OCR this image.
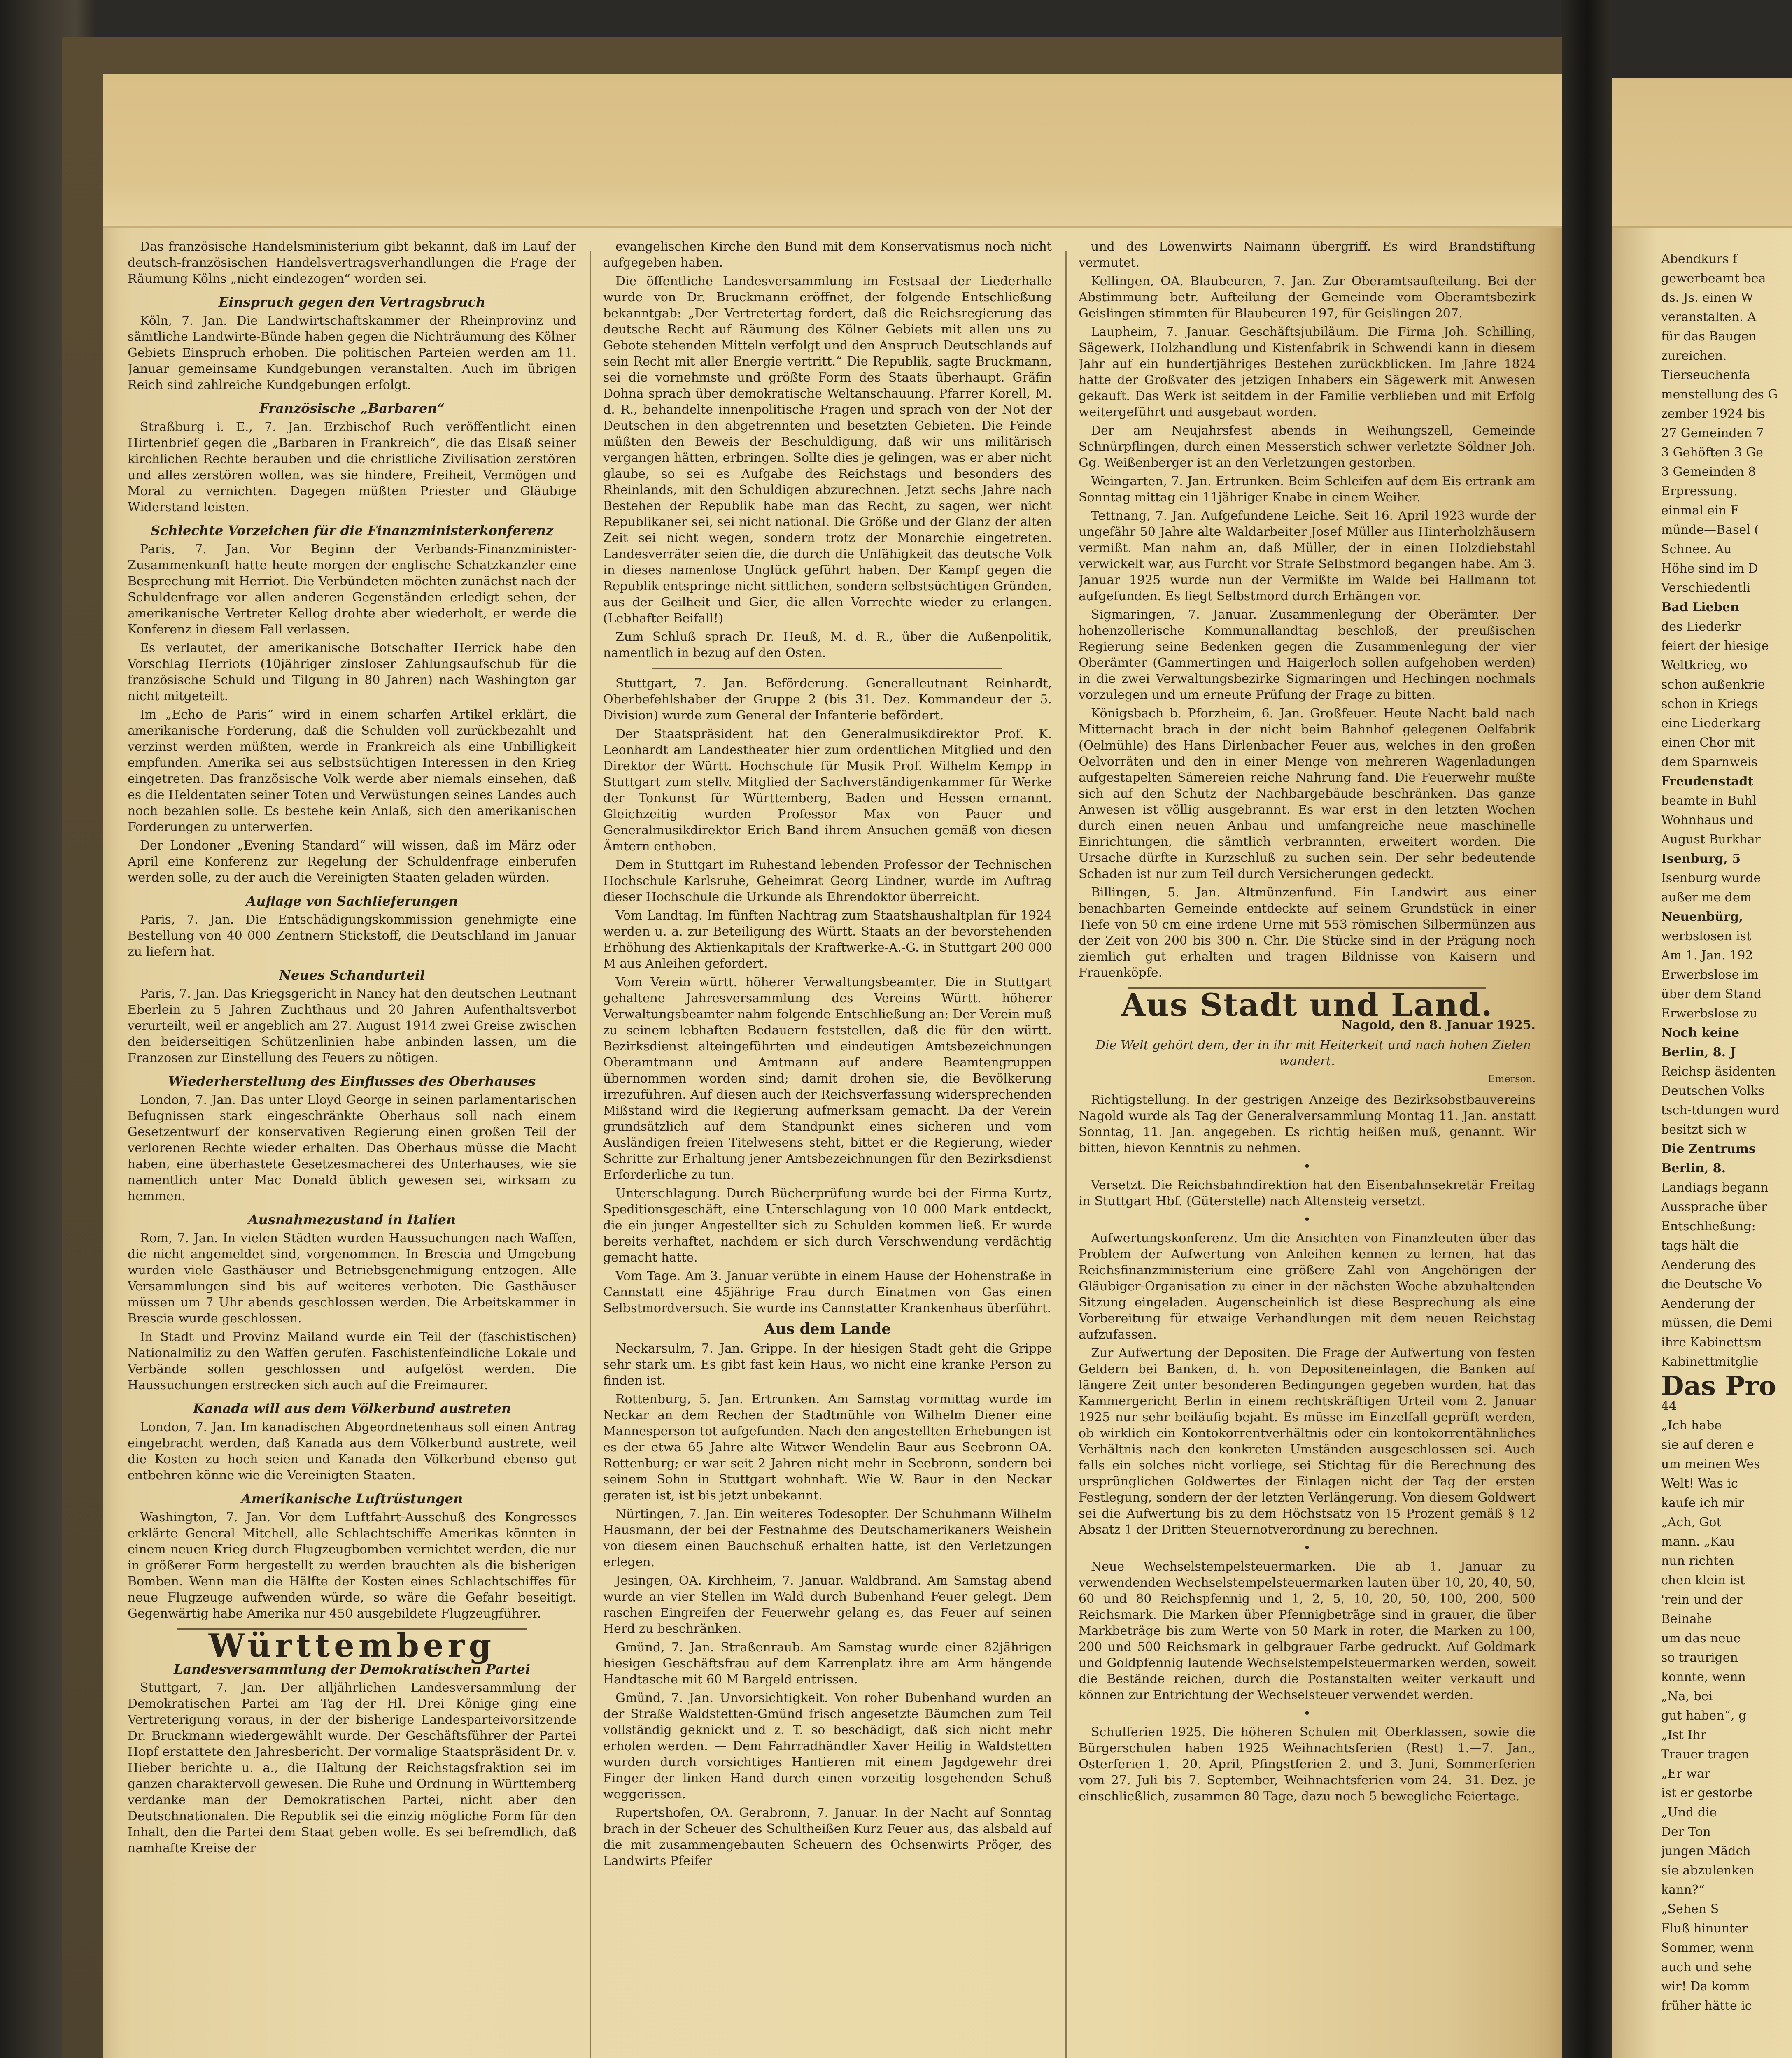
Das französische Handelsministerium gibt bekannt, daß im Lauf der deutsch-französischen Handelsvertragsverhandlungen die Frage der Räumung Kölns „nicht eindezogen“ worden sei.

Einspruch gegen den Vertragsbruch

Köln, 7. Jan. Die Landwirtschaftskammer der Rheinprovinz und sämtliche Landwirte-Bünde haben gegen die Nichträumung des Kölner Gebiets Einspruch erhoben. Die politischen Parteien werden am 11. Januar gemeinsame Kundgebungen veranstalten. Auch im übrigen Reich sind zahlreiche Kundgebungen erfolgt.

Französische „Barbaren“

Straßburg i. E., 7. Jan. Erzbischof Ruch veröffentlicht einen Hirtenbrief gegen die „Barbaren in Frankreich“, die das Elsaß seiner kirchlichen Rechte berauben und die christliche Zivilisation zerstören und alles zerstören wollen, was sie hindere, Freiheit, Vermögen und Moral zu vernichten. Dagegen müßten Priester und Gläubige Widerstand leisten.

Schlechte Vorzeichen für die Finanzministerkonferenz

Paris, 7. Jan. Vor Beginn der Verbands-Finanzminister-Zusammenkunft hatte heute morgen der englische Schatzkanzler eine Besprechung mit Herriot. Die Verbündeten möchten zunächst nach der Schuldenfrage vor allen anderen Gegenständen erledigt sehen, der amerikanische Vertreter Kellog drohte aber wiederholt, er werde die Konferenz in diesem Fall verlassen.

Es verlautet, der amerikanische Botschafter Herrick habe den Vorschlag Herriots (10jähriger zinsloser Zahlungsaufschub für die französische Schuld und Tilgung in 80 Jahren) nach Washington gar nicht mitgeteilt.

Im „Echo de Paris“ wird in einem scharfen Artikel erklärt, die amerikanische Forderung, daß die Schulden voll zurückbezahlt und verzinst werden müßten, werde in Frankreich als eine Unbilligkeit empfunden. Amerika sei aus selbstsüchtigen Interessen in den Krieg eingetreten. Das französische Volk werde aber niemals einsehen, daß es die Heldentaten seiner Toten und Verwüstungen seines Landes auch noch bezahlen solle. Es bestehe kein Anlaß, sich den amerikanischen Forderungen zu unterwerfen.

Der Londoner „Evening Standard“ will wissen, daß im März oder April eine Konferenz zur Regelung der Schuldenfrage einberufen werden solle, zu der auch die Vereinigten Staaten geladen würden.

Auflage von Sachlieferungen

Paris, 7. Jan. Die Entschädigungskommission genehmigte eine Bestellung von 40 000 Zentnern Stickstoff, die Deutschland im Januar zu liefern hat.

Neues Schandurteil

Paris, 7. Jan. Das Kriegsgericht in Nancy hat den deutschen Leutnant Eberlein zu 5 Jahren Zuchthaus und 20 Jahren Aufenthaltsverbot verurteilt, weil er angeblich am 27. August 1914 zwei Greise zwischen den beiderseitigen Schützenlinien habe anbinden lassen, um die Franzosen zur Einstellung des Feuers zu nötigen.

Wiederherstellung des Einflusses des Oberhauses

London, 7. Jan. Das unter Lloyd George in seinen parlamentarischen Befugnissen stark eingeschränkte Oberhaus soll nach einem Gesetzentwurf der konservativen Regierung einen großen Teil der verlorenen Rechte wieder erhalten. Das Oberhaus müsse die Macht haben, eine überhastete Gesetzesmacherei des Unterhauses, wie sie namentlich unter Mac Donald üblich gewesen sei, wirksam zu hemmen.

Ausnahmezustand in Italien

Rom, 7. Jan. In vielen Städten wurden Haussuchungen nach Waffen, die nicht angemeldet sind, vorgenommen. In Brescia und Umgebung wurden viele Gasthäuser und Betriebsgenehmigung entzogen. Alle Versammlungen sind bis auf weiteres verboten. Die Gasthäuser müssen um 7 Uhr abends geschlossen werden. Die Arbeitskammer in Brescia wurde geschlossen.

In Stadt und Provinz Mailand wurde ein Teil der (faschistischen) Nationalmiliz zu den Waffen gerufen. Faschistenfeindliche Lokale und Verbände sollen geschlossen und aufgelöst werden. Die Haussuchungen erstrecken sich auch auf die Freimaurer.

Kanada will aus dem Völkerbund austreten

London, 7. Jan. Im kanadischen Abgeordnetenhaus soll einen Antrag eingebracht werden, daß Kanada aus dem Völkerbund austrete, weil die Kosten zu hoch seien und Kanada den Völkerbund ebenso gut entbehren könne wie die Vereinigten Staaten.

Amerikanische Luftrüstungen

Washington, 7. Jan. Vor dem Luftfahrt-Ausschuß des Kongresses erklärte General Mitchell, alle Schlachtschiffe Amerikas könnten in einem neuen Krieg durch Flugzeugbomben vernichtet werden, die nur in größerer Form hergestellt zu werden brauchten als die bisherigen Bomben. Wenn man die Hälfte der Kosten eines Schlachtschiffes für neue Flugzeuge aufwenden würde, so wäre die Gefahr beseitigt. Gegenwärtig habe Amerika nur 450 ausgebildete Flugzeugführer.

Württemberg
Landesversammlung der Demokratischen Partei

Stuttgart, 7. Jan. Der alljährlichen Landesversammlung der Demokratischen Partei am Tag der Hl. Drei Könige ging eine Vertreterigung voraus, in der der bisherige Landesparteivorsitzende Dr. Bruckmann wiedergewählt wurde. Der Geschäftsführer der Partei Hopf erstattete den Jahresbericht. Der vormalige Staatspräsident Dr. v. Hieber berichte u. a., die Haltung der Reichstagsfraktion sei im ganzen charaktervoll gewesen. Die Ruhe und Ordnung in Württemberg verdanke man der Demokratischen Partei, nicht aber den Deutschnationalen. Die Republik sei die einzig mögliche Form für den Inhalt, den die Partei dem Staat geben wolle. Es sei befremdlich, daß namhafte Kreise der

evangelischen Kirche den Bund mit dem Konservatismus noch nicht aufgegeben haben.

Die öffentliche Landesversammlung im Festsaal der Liederhalle wurde von Dr. Bruckmann eröffnet, der folgende Entschließung bekanntgab: „Der Vertretertag fordert, daß die Reichsregierung das deutsche Recht auf Räumung des Kölner Gebiets mit allen uns zu Gebote stehenden Mitteln verfolgt und den Anspruch Deutschlands auf sein Recht mit aller Energie vertritt.“ Die Republik, sagte Bruckmann, sei die vornehmste und größte Form des Staats überhaupt. Gräfin Dohna sprach über demokratische Weltanschauung. Pfarrer Korell, M. d. R., behandelte innenpolitische Fragen und sprach von der Not der Deutschen in den abgetrennten und besetzten Gebieten. Die Feinde müßten den Beweis der Beschuldigung, daß wir uns militärisch vergangen hätten, erbringen. Sollte dies je gelingen, was er aber nicht glaube, so sei es Aufgabe des Reichstags und besonders des Rheinlands, mit den Schuldigen abzurechnen. Jetzt sechs Jahre nach Bestehen der Republik habe man das Recht, zu sagen, wer nicht Republikaner sei, sei nicht national. Die Größe und der Glanz der alten Zeit sei nicht wegen, sondern trotz der Monarchie eingetreten. Landesverräter seien die, die durch die Unfähigkeit das deutsche Volk in dieses namenlose Unglück geführt haben. Der Kampf gegen die Republik entspringe nicht sittlichen, sondern selbstsüchtigen Gründen, aus der Geilheit und Gier, die allen Vorrechte wieder zu erlangen. (Lebhafter Beifall!)

Zum Schluß sprach Dr. Heuß, M. d. R., über die Außenpolitik, namentlich in bezug auf den Osten.

Stuttgart, 7. Jan. Beförderung. Generalleutnant Reinhardt, Oberbefehlshaber der Gruppe 2 (bis 31. Dez. Kommandeur der 5. Division) wurde zum General der Infanterie befördert.

Der Staatspräsident hat den Generalmusikdirektor Prof. K. Leonhardt am Landestheater hier zum ordentlichen Mitglied und den Direktor der Württ. Hochschule für Musik Prof. Wilhelm Kempp in Stuttgart zum stellv. Mitglied der Sachverständigenkammer für Werke der Tonkunst für Württemberg, Baden und Hessen ernannt. Gleichzeitig wurden Professor Max von Pauer und Generalmusikdirektor Erich Band ihrem Ansuchen gemäß von diesen Ämtern enthoben.

Dem in Stuttgart im Ruhestand lebenden Professor der Technischen Hochschule Karlsruhe, Geheimrat Georg Lindner, wurde im Auftrag dieser Hochschule die Urkunde als Ehrendoktor überreicht.

Vom Landtag. Im fünften Nachtrag zum Staatshaushaltplan für 1924 werden u. a. zur Beteiligung des Württ. Staats an der bevorstehenden Erhöhung des Aktienkapitals der Kraftwerke-A.-G. in Stuttgart 200 000 M aus Anleihen gefordert.

Vom Verein württ. höherer Verwaltungsbeamter. Die in Stuttgart gehaltene Jahresversammlung des Vereins Württ. höherer Verwaltungsbeamter nahm folgende Entschließung an: Der Verein muß zu seinem lebhaften Bedauern feststellen, daß die für den württ. Bezirksdienst alteingeführten und eindeutigen Amtsbezeichnungen Oberamtmann und Amtmann auf andere Beamtengruppen übernommen worden sind; damit drohen sie, die Bevölkerung irrezuführen. Auf diesen auch der Reichsverfassung widersprechenden Mißstand wird die Regierung aufmerksam gemacht. Da der Verein grundsätzlich auf dem Standpunkt eines sicheren und vom Ausländigen freien Titelwesens steht, bittet er die Regierung, wieder Schritte zur Erhaltung jener Amtsbezeichnungen für den Bezirksdienst Erforderliche zu tun.

Unterschlagung. Durch Bücherprüfung wurde bei der Firma Kurtz, Speditionsgeschäft, eine Unterschlagung von 10 000 Mark entdeckt, die ein junger Angestellter sich zu Schulden kommen ließ. Er wurde bereits verhaftet, nachdem er sich durch Verschwendung verdächtig gemacht hatte.

Vom Tage. Am 3. Januar verübte in einem Hause der Hohenstraße in Cannstatt eine 45jährige Frau durch Einatmen von Gas einen Selbstmordversuch. Sie wurde ins Cannstatter Krankenhaus überführt.

Aus dem Lande

Neckarsulm, 7. Jan. Grippe. In der hiesigen Stadt geht die Grippe sehr stark um. Es gibt fast kein Haus, wo nicht eine kranke Person zu finden ist.

Rottenburg, 5. Jan. Ertrunken. Am Samstag vormittag wurde im Neckar an dem Rechen der Stadtmühle von Wilhelm Diener eine Mannesperson tot aufgefunden. Nach den angestellten Erhebungen ist es der etwa 65 Jahre alte Witwer Wendelin Baur aus Seebronn OA. Rottenburg; er war seit 2 Jahren nicht mehr in Seebronn, sondern bei seinem Sohn in Stuttgart wohnhaft. Wie W. Baur in den Neckar geraten ist, ist bis jetzt unbekannt.

Nürtingen, 7. Jan. Ein weiteres Todesopfer. Der Schuhmann Wilhelm Hausmann, der bei der Festnahme des Deutschamerikaners Weishein von diesem einen Bauchschuß erhalten hatte, ist den Verletzungen erlegen.

Jesingen, OA. Kirchheim, 7. Januar. Waldbrand. Am Samstag abend wurde an vier Stellen im Wald durch Bubenhand Feuer gelegt. Dem raschen Eingreifen der Feuerwehr gelang es, das Feuer auf seinen Herd zu beschränken.

Gmünd, 7. Jan. Straßenraub. Am Samstag wurde einer 82jährigen hiesigen Geschäftsfrau auf dem Karrenplatz ihre am Arm hängende Handtasche mit 60 M Bargeld entrissen.

Gmünd, 7. Jan. Unvorsichtigkeit. Von roher Bubenhand wurden an der Straße Waldstetten-Gmünd frisch angesetzte Bäumchen zum Teil vollständig geknickt und z. T. so beschädigt, daß sich nicht mehr erholen werden. — Dem Fahrradhändler Xaver Heilig in Waldstetten wurden durch vorsichtiges Hantieren mit einem Jagdgewehr drei Finger der linken Hand durch einen vorzeitig losgehenden Schuß weggerissen.

Rupertshofen, OA. Gerabronn, 7. Januar. In der Nacht auf Sonntag brach in der Scheuer des Schultheißen Kurz Feuer aus, das alsbald auf die mit zusammengebauten Scheuern des Ochsenwirts Pröger, des Landwirts Pfeifer

und des Löwenwirts Naimann übergriff. Es wird Brandstiftung vermutet.

Kellingen, OA. Blaubeuren, 7. Jan. Zur Oberamtsaufteilung. Bei der Abstimmung betr. Aufteilung der Gemeinde vom Oberamtsbezirk Geislingen stimmten für Blaubeuren 197, für Geislingen 207.

Laupheim, 7. Januar. Geschäftsjubiläum. Die Firma Joh. Schilling, Sägewerk, Holzhandlung und Kistenfabrik in Schwendi kann in diesem Jahr auf ein hundertjähriges Bestehen zurückblicken. Im Jahre 1824 hatte der Großvater des jetzigen Inhabers ein Sägewerk mit Anwesen gekauft. Das Werk ist seitdem in der Familie verblieben und mit Erfolg weitergeführt und ausgebaut worden.

Der am Neujahrsfest abends in Weihungszell, Gemeinde Schnürpflingen, durch einen Messerstich schwer verletzte Söldner Joh. Gg. Weißenberger ist an den Verletzungen gestorben.

Weingarten, 7. Jan. Ertrunken. Beim Schleifen auf dem Eis ertrank am Sonntag mittag ein 11jähriger Knabe in einem Weiher.

Tettnang, 7. Jan. Aufgefundene Leiche. Seit 16. April 1923 wurde der ungefähr 50 Jahre alte Waldarbeiter Josef Müller aus Hinterholzhäusern vermißt. Man nahm an, daß Müller, der in einen Holzdiebstahl verwickelt war, aus Furcht vor Strafe Selbstmord begangen habe. Am 3. Januar 1925 wurde nun der Vermißte im Walde bei Hallmann tot aufgefunden. Es liegt Selbstmord durch Erhängen vor.

Sigmaringen, 7. Januar. Zusammenlegung der Oberämter. Der hohenzollerische Kommunallandtag beschloß, der preußischen Regierung seine Bedenken gegen die Zusammenlegung der vier Oberämter (Gammertingen und Haigerloch sollen aufgehoben werden) in die zwei Verwaltungsbezirke Sigmaringen und Hechingen nochmals vorzulegen und um erneute Prüfung der Frage zu bitten.

Königsbach b. Pforzheim, 6. Jan. Großfeuer. Heute Nacht bald nach Mitternacht brach in der nicht beim Bahnhof gelegenen Oelfabrik (Oelmühle) des Hans Dirlenbacher Feuer aus, welches in den großen Oelvorräten und den in einer Menge von mehreren Wagenladungen aufgestapelten Sämereien reiche Nahrung fand. Die Feuerwehr mußte sich auf den Schutz der Nachbargebäude beschränken. Das ganze Anwesen ist völlig ausgebrannt. Es war erst in den letzten Wochen durch einen neuen Anbau und umfangreiche neue maschinelle Einrichtungen, die sämtlich verbrannten, erweitert worden. Die Ursache dürfte in Kurzschluß zu suchen sein. Der sehr bedeutende Schaden ist nur zum Teil durch Versicherungen gedeckt.

Billingen, 5. Jan. Altmünzenfund. Ein Landwirt aus einer benachbarten Gemeinde entdeckte auf seinem Grundstück in einer Tiefe von 50 cm eine irdene Urne mit 553 römischen Silbermünzen aus der Zeit von 200 bis 300 n. Chr. Die Stücke sind in der Prägung noch ziemlich gut erhalten und tragen Bildnisse von Kaisern und Frauenköpfe.

Aus Stadt und Land.

Nagold, den 8. Januar 1925.

Die Welt gehört dem, der in ihr mit Heiterkeit und nach hohen Zielen wandert.

Emerson.

Richtigstellung. In der gestrigen Anzeige des Bezirksobstbauvereins Nagold wurde als Tag der Generalversammlung Montag 11. Jan. anstatt Sonntag, 11. Jan. angegeben. Es richtig heißen muß, genannt. Wir bitten, hievon Kenntnis zu nehmen.

•

Versetzt. Die Reichsbahndirektion hat den Eisenbahnsekretär Freitag in Stuttgart Hbf. (Güterstelle) nach Altensteig versetzt.

•

Aufwertungskonferenz. Um die Ansichten von Finanzleuten über das Problem der Aufwertung von Anleihen kennen zu lernen, hat das Reichsfinanzministerium eine größere Zahl von Angehörigen der Gläubiger-Organisation zu einer in der nächsten Woche abzuhaltenden Sitzung eingeladen. Augenscheinlich ist diese Besprechung als eine Vorbereitung für etwaige Verhandlungen mit dem neuen Reichstag aufzufassen.

Zur Aufwertung der Depositen. Die Frage der Aufwertung von festen Geldern bei Banken, d. h. von Depositeneinlagen, die Banken auf längere Zeit unter besonderen Bedingungen gegeben wurden, hat das Kammergericht Berlin in einem rechtskräftigen Urteil vom 2. Januar 1925 nur sehr beiläufig bejaht. Es müsse im Einzelfall geprüft werden, ob wirklich ein Kontokorrentverhältnis oder ein kontokorrentähnliches Verhältnis nach den konkreten Umständen ausgeschlossen sei. Auch falls ein solches nicht vorliege, sei Stichtag für die Berechnung des ursprünglichen Goldwertes der Einlagen nicht der Tag der ersten Festlegung, sondern der der letzten Verlängerung. Von diesem Goldwert sei die Aufwertung bis zu dem Höchstsatz von 15 Prozent gemäß § 12 Absatz 1 der Dritten Steuernotverordnung zu berechnen.

•

Neue Wechselstempelsteuermarken. Die ab 1. Januar zu verwendenden Wechselstempelsteuermarken lauten über 10, 20, 40, 50, 60 und 80 Reichspfennig und 1, 2, 5, 10, 20, 50, 100, 200, 500 Reichsmark. Die Marken über Pfennigbeträge sind in grauer, die über Markbeträge bis zum Werte von 50 Mark in roter, die Marken zu 100, 200 und 500 Reichsmark in gelbgrauer Farbe gedruckt. Auf Goldmark und Goldpfennig lautende Wechselstempelsteuermarken werden, soweit die Bestände reichen, durch die Postanstalten weiter verkauft und können zur Entrichtung der Wechselsteuer verwendet werden.

•

Schulferien 1925. Die höheren Schulen mit Oberklassen, sowie die Bürgerschulen haben 1925 Weihnachtsferien (Rest) 1.—7. Jan., Osterferien 1.—20. April, Pfingstferien 2. und 3. Juni, Sommerferien vom 27. Juli bis 7. September, Weihnachtsferien vom 24.—31. Dez. je einschließlich, zusammen 80 Tage, dazu noch 5 bewegliche Feiertage.

Abendkurs f

gewerbeamt bea

ds. Js. einen W

veranstalten. A

für das Baugen

zureichen.

Tierseuchenfa

menstellung des G

zember 1924 bis

27 Gemeinden 7

3 Gehöften 3 Ge

3 Gemeinden 8

Erpressung.

einmal ein E

münde—Basel (

Schnee. Au

Höhe sind im D

Verschiedentli

Bad Lieben

des Liederkr

feiert der hiesige

Weltkrieg, wo

schon außenkrie

schon in Kriegs

eine Liederkarg

einen Chor mit

dem Sparnweis

Freudenstadt

beamte in Buhl

Wohnhaus und

August Burkhar

Isenburg, 5

Isenburg wurde

außer me dem

Neuenbürg,

werbslosen ist

Am 1. Jan. 192

Erwerbslose im

über dem Stand

Erwerbslose zu

Noch keine

Berlin, 8. J

Reichsp äsidenten

Deutschen Volks

tsch-tdungen wurd

besitzt sich w

Die Zentrums

Berlin, 8.

Landiags begann

Aussprache über

Entschließung:

tags hält die

Aenderung des

die Deutsche Vo

Aenderung der

müssen, die Demi

ihre Kabinettsm

Kabinettmitglie

Das Pro

44

„Ich habe

sie auf deren e

um meinen Wes

Welt! Was ic

kaufe ich mir

„Ach, Got

mann. „Kau

nun richten

chen klein ist

'rein und der

Beinahe

um das neue

so traurigen

konnte, wenn

„Na, bei

gut haben“, g

„Ist Ihr

Trauer tragen

„Er war

ist er gestorbe

„Und die

Der Ton

jungen Mädch

sie abzulenken

kann?“

„Sehen S

Fluß hinunter

Sommer, wenn

auch und sehe

wir! Da komm

früher hätte ic
